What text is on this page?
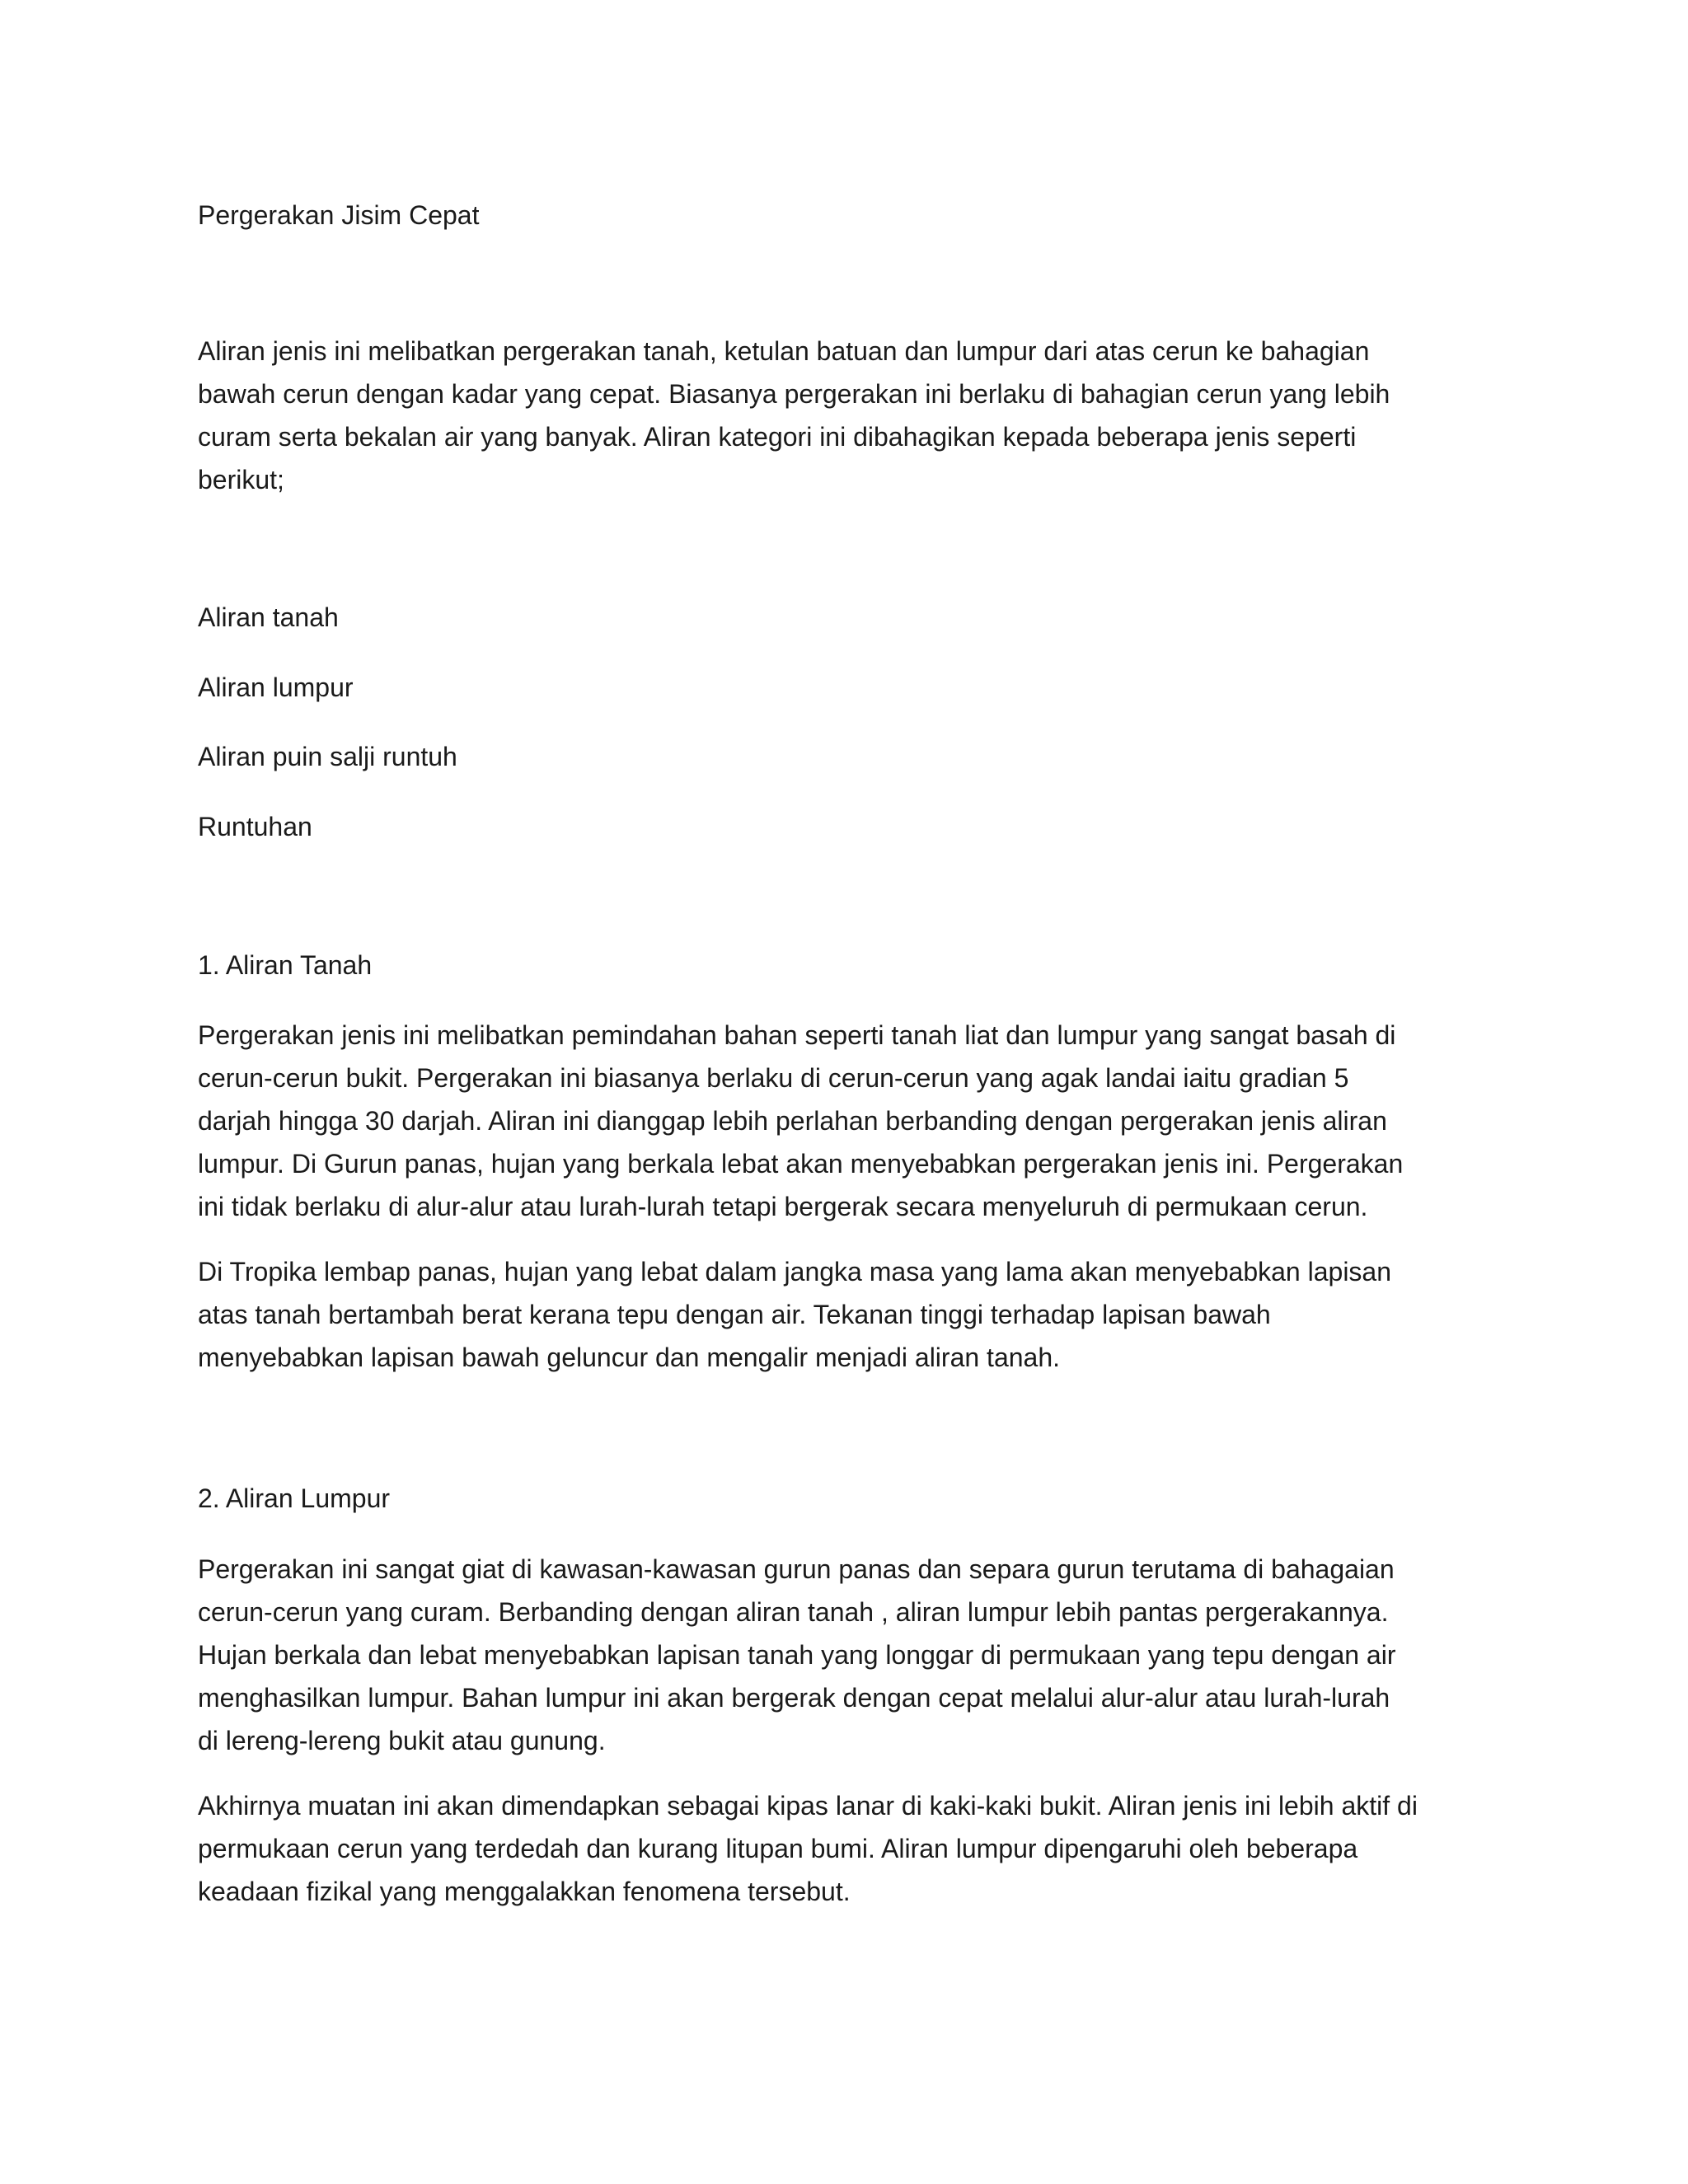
Pergerakan Jisim Cepat

Aliran jenis ini melibatkan pergerakan tanah, ketulan batuan dan lumpur dari atas cerun ke bahagian
bawah cerun dengan kadar yang cepat. Biasanya pergerakan ini berlaku di bahagian cerun yang lebih
curam serta bekalan air yang banyak. Aliran kategori ini dibahagikan kepada beberapa jenis seperti
berikut;

Aliran tanah

Aliran lumpur

Aliran puin salji runtuh

Runtuhan

1. Aliran Tanah

Pergerakan jenis ini melibatkan pemindahan bahan seperti tanah liat dan lumpur yang sangat basah di
cerun-cerun bukit. Pergerakan ini biasanya berlaku di cerun-cerun yang agak landai iaitu gradian 5
darjah hingga 30 darjah. Aliran ini dianggap lebih perlahan berbanding dengan pergerakan jenis aliran
lumpur. Di Gurun panas, hujan yang berkala lebat akan menyebabkan pergerakan jenis ini. Pergerakan
ini tidak berlaku di alur-alur atau lurah-lurah tetapi bergerak secara menyeluruh di permukaan cerun.

Di Tropika lembap panas, hujan yang lebat dalam jangka masa yang lama akan menyebabkan lapisan
atas tanah bertambah berat kerana tepu dengan air. Tekanan tinggi terhadap lapisan bawah
menyebabkan lapisan bawah geluncur dan mengalir menjadi aliran tanah.

2. Aliran Lumpur

Pergerakan ini sangat giat di kawasan-kawasan gurun panas dan separa gurun terutama di bahagaian
cerun-cerun yang curam. Berbanding dengan aliran tanah , aliran lumpur lebih pantas pergerakannya.
Hujan berkala dan lebat menyebabkan lapisan tanah yang longgar di permukaan yang tepu dengan air
menghasilkan lumpur. Bahan lumpur ini akan bergerak dengan cepat melalui alur-alur atau lurah-lurah
di lereng-lereng bukit atau gunung.

Akhirnya muatan ini akan dimendapkan sebagai kipas lanar di kaki-kaki bukit. Aliran jenis ini lebih aktif di
permukaan cerun yang terdedah dan kurang litupan bumi. Aliran lumpur dipengaruhi oleh beberapa
keadaan fizikal yang menggalakkan fenomena tersebut.
